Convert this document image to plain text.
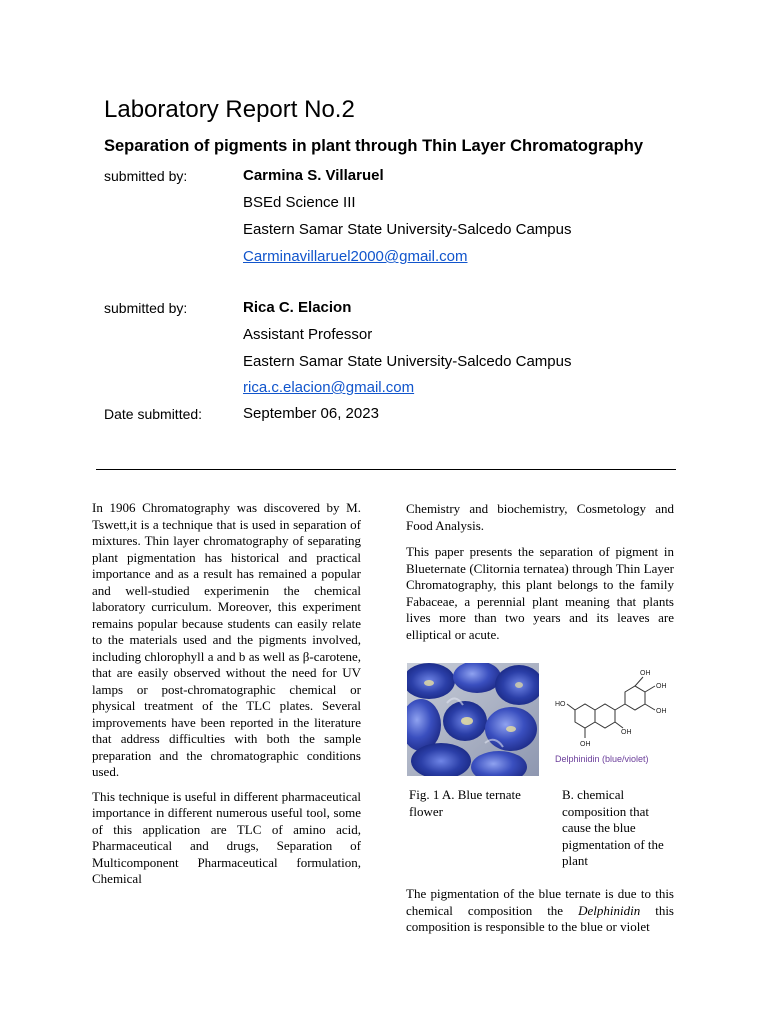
Laboratory Report No.2
Separation of pigments in plant through Thin Layer Chromatography
submitted by:	Carmina S. Villaruel
BSEd Science III
Eastern Samar State University-Salcedo Campus
Carminavillaruel2000@gmail.com
submitted by:	Rica C. Elacion
Assistant Professor
Eastern Samar State University-Salcedo Campus
rica.c.elacion@gmail.com
Date submitted:	September 06, 2023

In 1906 Chromatography was discovered by M. Tswett,it is a technique that is used in separation of mixtures. Thin layer chromatography of separating plant pigmentation has historical and practical importance and as a result has remained a popular and well-studied experimenin the chemical laboratory curriculum. Moreover, this experiment remains popular because students can easily relate to the materials used and the pigments involved, including chlorophyll a and b as well as β-carotene, that are easily observed without the need for UV lamps or post-chromatographic chemical or physical treatment of the TLC plates. Several improvements have been reported in the literature that address difficulties with both the sample preparation and the chromatographic conditions used.

This technique is useful in different pharmaceutical importance in different numerous useful tool, some of this application are TLC of amino acid, Pharmaceutical and drugs, Separation of Multicomponent Pharmaceutical formulation, Chemical

Chemistry and biochemistry, Cosmetology and Food Analysis.

This paper presents the separation of pigment in Blueternate (Clitornia ternatea) through Thin Layer Chromatography, this plant belongs to the family Fabaceae, a perennial plant meaning that plants lives more than two years and its leaves are elliptical or acute.

OH
OH
OH
HO
OH
OH
Delphinidin (blue/violet)
Fig. 1 A. Blue ternate flower
B. chemical composition that cause the blue pigmentation of the plant

The pigmentation of the blue ternate is due to this chemical composition the Delphinidin this composition is responsible to the blue or violet
